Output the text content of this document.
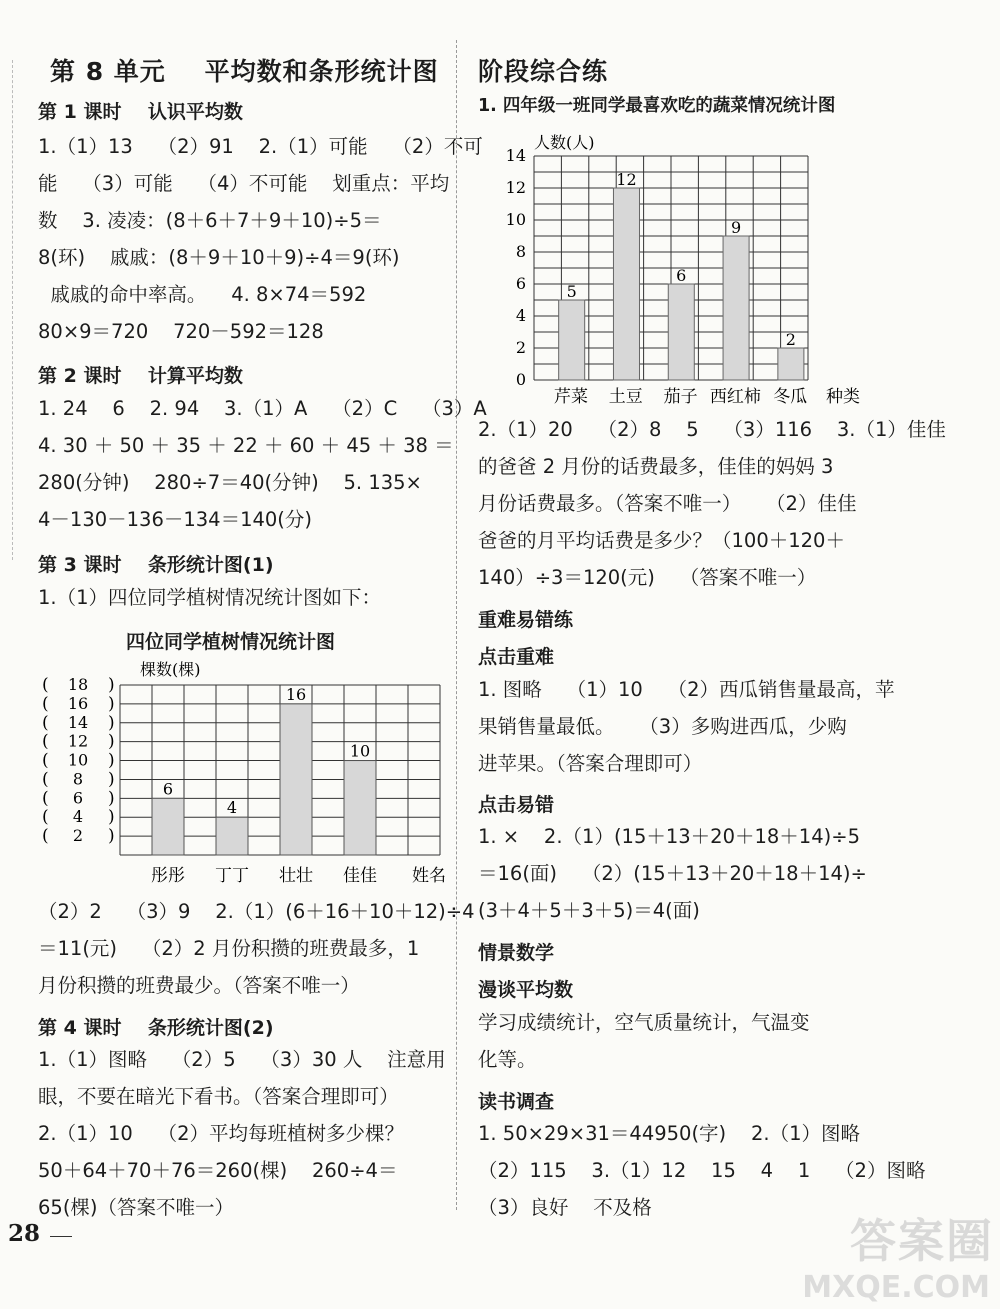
第 8 单元    平均数和条形统计图
第 1 课时    认识平均数
1.（1）13    （2）91    2.（1）可能    （2）不可
能    （3）可能    （4）不可能    划重点：平均
数    3. 凌凌：(8＋6＋7＋9＋10)÷5＝
8(环)    戚戚：(8＋9＋10＋9)÷4＝9(环)
戚戚的命中率高。    4. 8×74＝592
80×9＝720    720－592＝128
第 2 课时    计算平均数
1. 24    6    2. 94    3.（1）A    （2）C    （3）A
4. 30 ＋ 50 ＋ 35 ＋ 22 ＋ 60 ＋ 45 ＋ 38 ＝
280(分钟)    280÷7＝40(分钟)    5. 135×
4－130－136－134＝140(分)
第 3 课时    条形统计图(1)
1.（1）四位同学植树情况统计图如下：
四位同学植树情况统计图
棵数(棵)
2
(	)
4
(	)
6
(	)
8
(	)
10
(	)
12
(	)
14
(	)
16
(	)
18
(	)
6
彤彤
4
丁丁
16
壮壮
10
佳佳 姓名
（2）2    （3）9    2.（1）(6＋16＋10＋12)÷4
＝11(元)    （2）2 月份积攒的班费最多，1
月份积攒的班费最少。（答案不唯一）
第 4 课时    条形统计图(2)
1.（1）图略    （2）5    （3）30 人    注意用
眼，不要在暗光下看书。（答案合理即可）
2.（1）10    （2）平均每班植树多少棵？
50＋64＋70＋76＝260(棵)    260÷4＝
65(棵)（答案不唯一）
阶段综合练
1. 四年级一班同学最喜欢吃的蔬菜情况统计图
人数(人)
0
2
4
6
8
10
12
14
5
芹菜
12
土豆
6
茄子
9
西红柿
2
冬瓜 种类
2.（1）20    （2）8    5    （3）116    3.（1）佳佳
的爸爸 2 月份的话费最多，佳佳的妈妈 3
月份话费最多。（答案不唯一）    （2）佳佳
爸爸的月平均话费是多少？（100＋120＋
140）÷3＝120(元)    （答案不唯一）
重难易错练
点击重难
1. 图略    （1）10    （2）西瓜销售量最高，苹
果销售量最低。    （3）多购进西瓜，少购
进苹果。（答案合理即可）
点击易错
1. ×    2.（1）(15＋13＋20＋18＋14)÷5
＝16(面)    （2）(15＋13＋20＋18＋14)÷
(3＋4＋5＋3＋5)＝4(面)
情景数学
漫谈平均数
学习成绩统计，空气质量统计，气温变
化等。
读书调查
1. 50×29×31＝44950(字)    2.（1）图略
（2）115    3.（1）12    15    4    1    （2）图略
（3）良好    不及格
28	答案圈
MXQE.COM
